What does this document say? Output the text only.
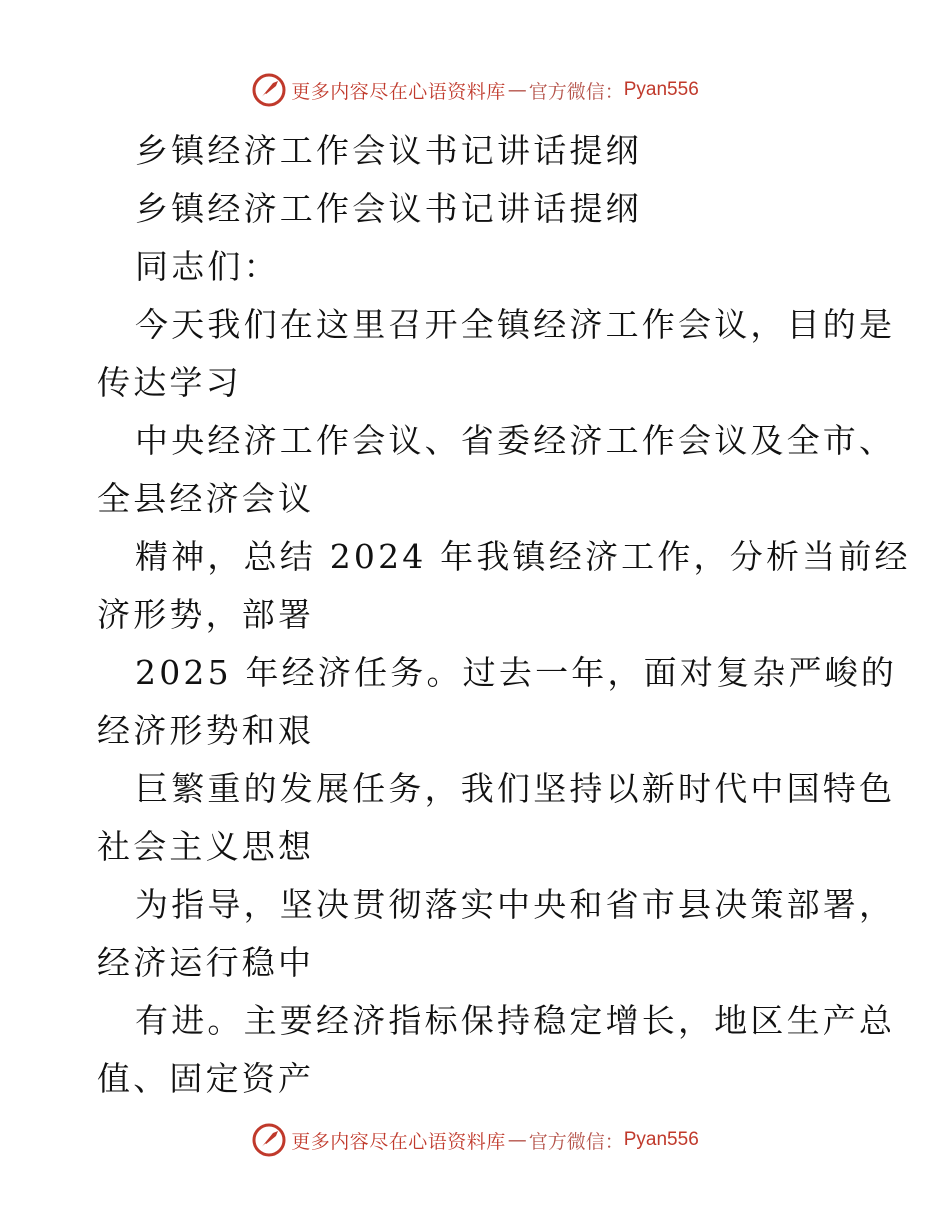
更多内容尽在心语资料库 — 官方微信： Pyan556
乡镇经济工作会议书记讲话提纲
乡镇经济工作会议书记讲话提纲
同志们：
今天我们在这里召开全镇经济工作会议，目的是
传达学习
中央经济工作会议、省委经济工作会议及全市、
全县经济会议
精神，总结 2024 年我镇经济工作，分析当前经
济形势，部署
2025 年经济任务。过去一年，面对复杂严峻的
经济形势和艰
巨繁重的发展任务，我们坚持以新时代中国特色
社会主义思想
为指导，坚决贯彻落实中央和省市县决策部署，
经济运行稳中
有进。主要经济指标保持稳定增长，地区生产总
值、固定资产
更多内容尽在心语资料库 — 官方微信： Pyan556
